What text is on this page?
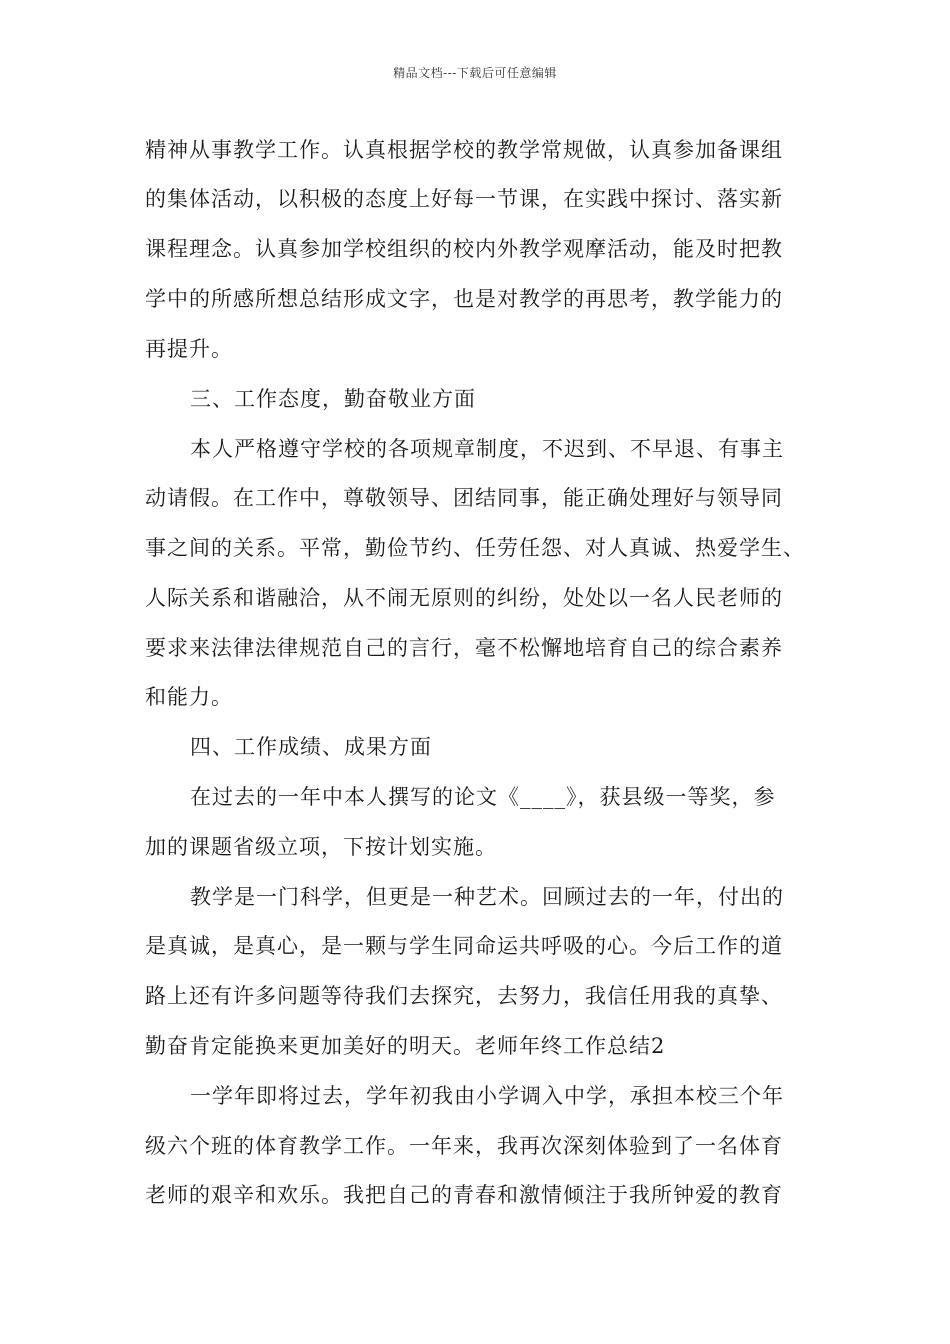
精品文档---下载后可任意编辑
精神从事教学工作。认真根据学校的教学常规做，认真参加备课组
的集体活动，以积极的态度上好每一节课，在实践中探讨、落实新
课程理念。认真参加学校组织的校内外教学观摩活动，能及时把教
学中的所感所想总结形成文字，也是对教学的再思考，教学能力的
再提升。
三、工作态度，勤奋敬业方面
本人严格遵守学校的各项规章制度，不迟到、不早退、有事主
动请假。在工作中，尊敬领导、团结同事，能正确处理好与领导同
事之间的关系。平常，勤俭节约、任劳任怨、对人真诚、热爱学生、
人际关系和谐融洽，从不闹无原则的纠纷，处处以一名人民老师的
要求来法律法律规范自己的言行，毫不松懈地培育自己的综合素养
和能力。
四、工作成绩、成果方面
在过去的一年中本人撰写的论文《____》，获县级一等奖，参
加的课题省级立项，下按计划实施。
教学是一门科学，但更是一种艺术。回顾过去的一年，付出的
是真诚，是真心，是一颗与学生同命运共呼吸的心。今后工作的道
路上还有许多问题等待我们去探究，去努力，我信任用我的真挚、
勤奋肯定能换来更加美好的明天。老师年终工作总结2
一学年即将过去，学年初我由小学调入中学，承担本校三个年
级六个班的体育教学工作。一年来，我再次深刻体验到了一名体育
老师的艰辛和欢乐。我把自己的青春和激情倾注于我所钟爱的教育
